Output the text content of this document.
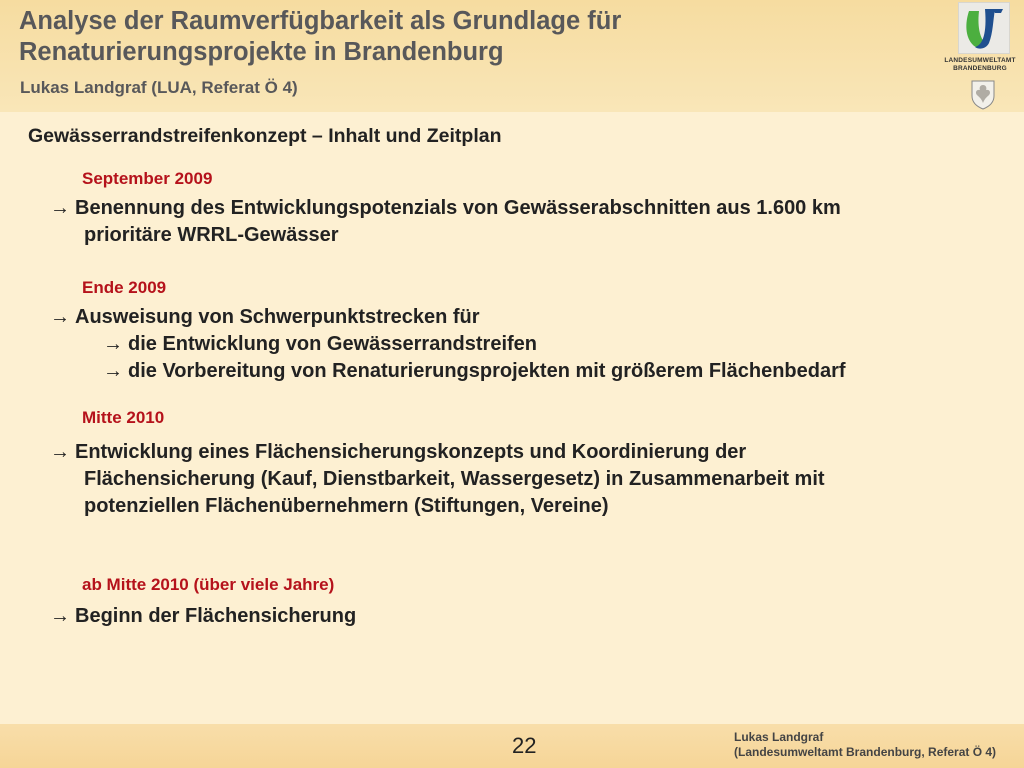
Analyse der Raumverfügbarkeit als Grundlage für
Renaturierungsprojekte in Brandenburg

Lukas Landgraf (LUA, Referat Ö 4)

LANDESUMWELTAMT
BRANDENBURG
Gewässerrandstreifenkonzept – Inhalt und Zeitplan

September 2009

→ Benennung des Entwicklungspotenzials von Gewässerabschnitten aus 1.600 km

prioritäre WRRL-Gewässer

Ende 2009

→ Ausweisung von Schwerpunktstrecken für

→ die Entwicklung von Gewässerrandstreifen

→ die Vorbereitung von Renaturierungsprojekten mit größerem Flächenbedarf

Mitte 2010

→ Entwicklung eines Flächensicherungskonzepts und Koordinierung der

Flächensicherung (Kauf, Dienstbarkeit, Wassergesetz) in Zusammenarbeit mit

potenziellen Flächenübernehmern (Stiftungen, Vereine)

ab Mitte 2010 (über viele Jahre)

→ Beginn der Flächensicherung

22	Lukas Landgraf
(Landesumweltamt Brandenburg, Referat Ö 4)
